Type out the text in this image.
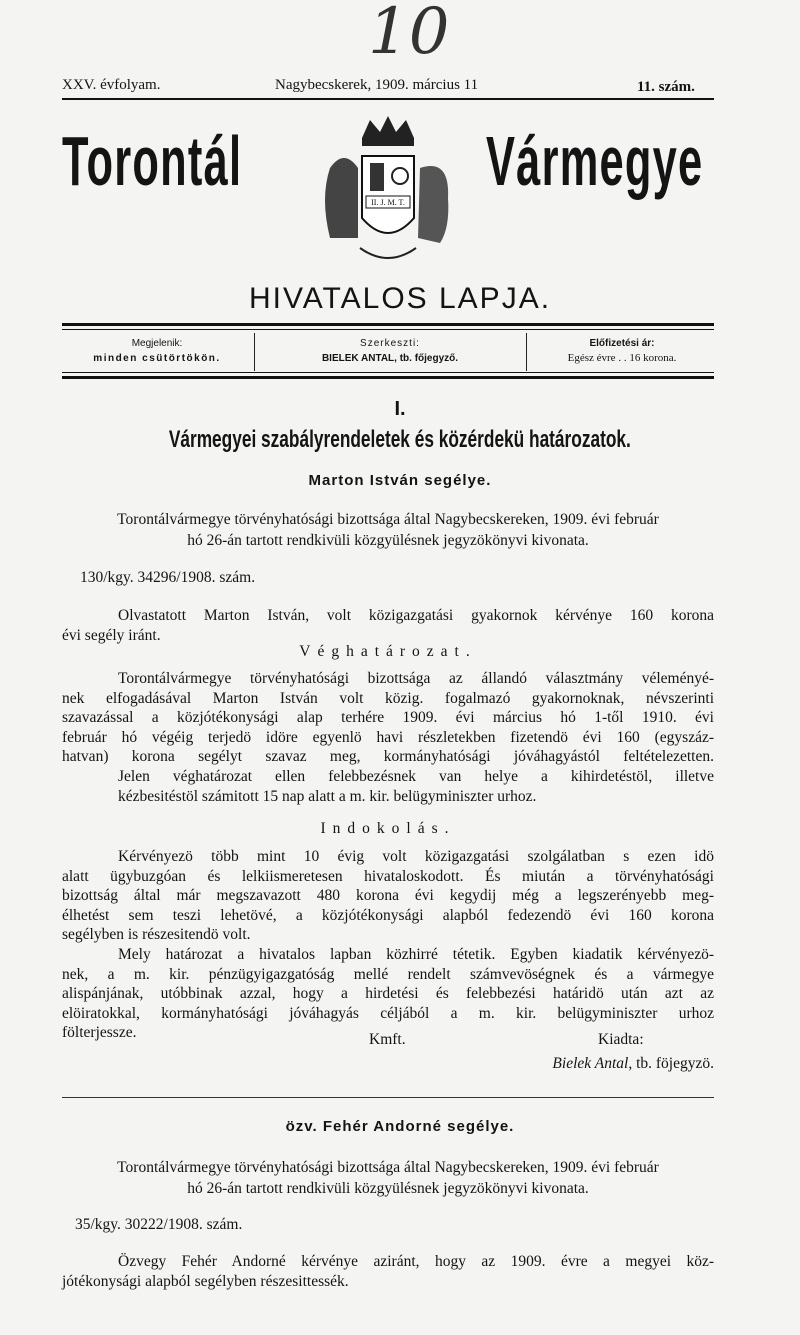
10
XXV. évfolyam.	Nagybecskerek, 1909. március 11	11. szám.
Torontál	Vármegye
II. J. M. T.
HIVATALOS LAPJA.
Megjelenik:
minden csütörtökön.
Szerkeszti:
BIELEK ANTAL, tb. főjegyző.
Előfizetési ár:
Egész évre . . 16 korona.
I.
Vármegyei szabályrendeletek és közérdekü határozatok.
Marton István segélye.
Kmft.	Kiadta:
Bielek Antal, tb. föjegyzö.
özv. Fehér Andorné segélye.
Torontálvármegye törvényhatósági bizottsága által Nagybecskereken, 1909. évi február
hó 26-án tartott rendkivüli közgyülésnek jegyzökönyvi kivonata.
130/kgy. 34296/1908. szám.
Olvastatott Marton István, volt közigazgatási gyakornok kérvénye 160 korona
évi segély iránt.
Véghatározat.
Torontálvármegye törvényhatósági bizottsága az állandó választmány véleményé-
nek elfogadásával Marton István volt közig. fogalmazó gyakornoknak, névszerinti
szavazással a közjótékonysági alap terhére 1909. évi március hó 1-től 1910. évi
február hó végéig terjedö idöre egyenlö havi részletekben fizetendö évi 160 (egyszáz-
hatvan) korona segélyt szavaz meg, kormányhatósági jóváhagyástól feltételezetten.
Jelen véghatározat ellen felebbezésnek van helye a kihirdetéstöl, illetve
kézbesitéstöl számitott 15 nap alatt a m. kir. belügyminiszter urhoz.
Indokolás.
Kérvényezö több mint 10 évig volt közigazgatási szolgálatban s ezen idö
alatt ügybuzgóan és lelkiismeretesen hivataloskodott. És miután a törvényhatósági
bizottság által már megszavazott 480 korona évi kegydij még a legszerényebb meg-
élhetést sem teszi lehetövé, a közjótékonysági alapból fedezendö évi 160 korona
segélyben is részesitendö volt.
Mely határozat a hivatalos lapban közhirré tétetik. Egyben kiadatik kérvényezö-
nek, a m. kir. pénzügyigazgatóság mellé rendelt számvevöségnek és a vármegye
alispánjának, utóbbinak azzal, hogy a hirdetési és felebbezési határidö után azt az
elöiratokkal, kormányhatósági jóváhagyás céljából a m. kir. belügyminiszter urhoz
fölterjessze.
Torontálvármegye törvényhatósági bizottsága által Nagybecskereken, 1909. évi február
hó 26-án tartott rendkivüli közgyülésnek jegyzökönyvi kivonata.
35/kgy. 30222/1908. szám.
Özvegy Fehér Andorné kérvénye aziránt, hogy az 1909. évre a megyei köz-
jótékonysági alapból segélyben részesittessék.
